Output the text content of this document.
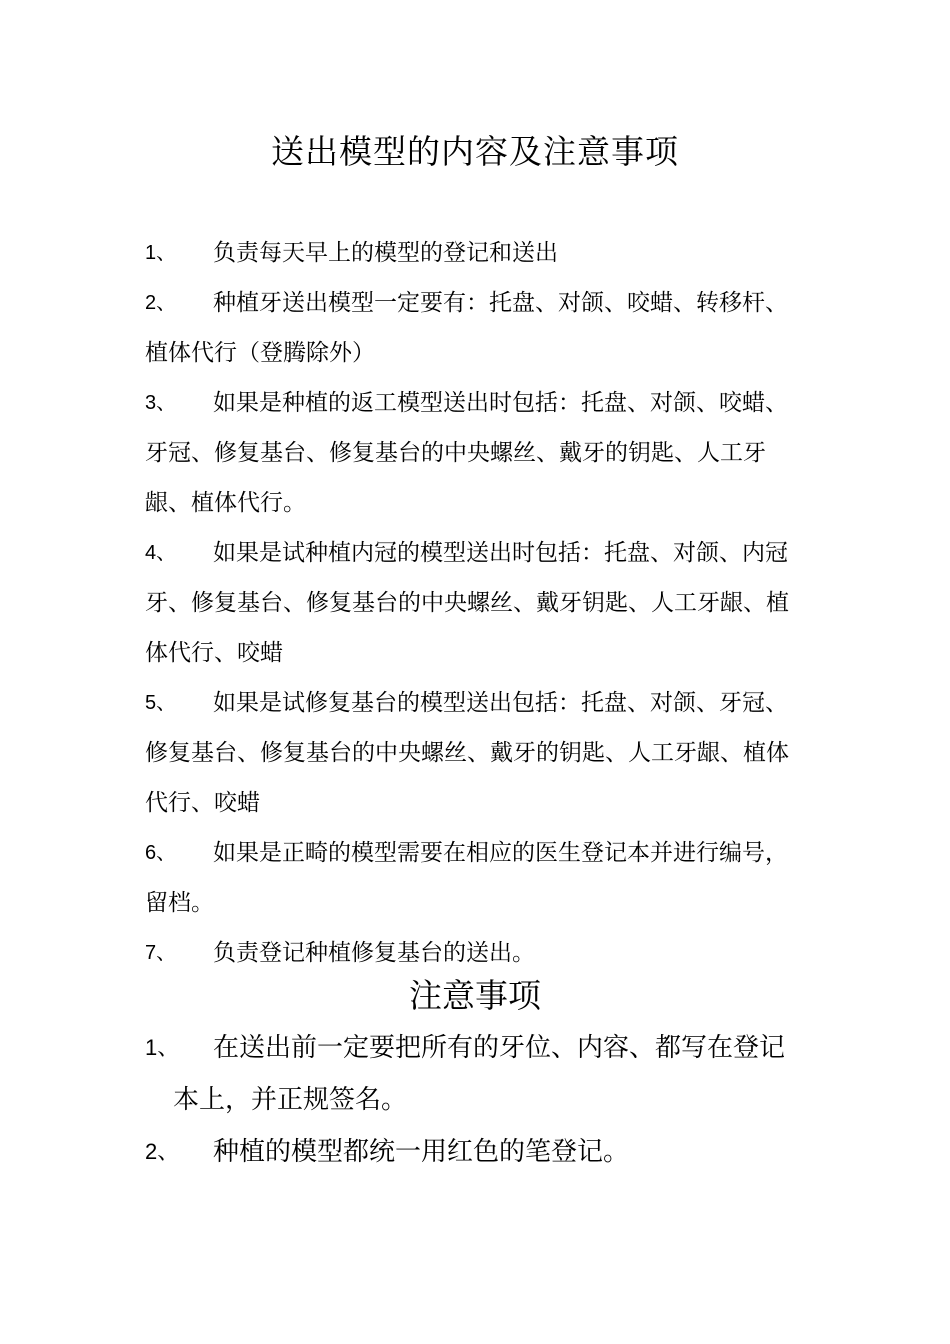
送出模型的内容及注意事项
1、	负责每天早上的模型的登记和送出
2、	种植牙送出模型一定要有：托盘、对颌、咬蜡、转移杆、植体代行（登腾除外）
3、	如果是种植的返工模型送出时包括：托盘、对颌、咬蜡、牙冠、修复基台、修复基台的中央螺丝、戴牙的钥匙、人工牙龈、植体代行。
4、	如果是试种植内冠的模型送出时包括：托盘、对颌、内冠牙、修复基台、修复基台的中央螺丝、戴牙钥匙、人工牙龈、植体代行、咬蜡
5、	如果是试修复基台的模型送出包括：托盘、对颌、牙冠、修复基台、修复基台的中央螺丝、戴牙的钥匙、人工牙龈、植体代行、咬蜡
6、	如果是正畸的模型需要在相应的医生登记本并进行编号，留档。
7、	负责登记种植修复基台的送出。
注意事项
1、	在送出前一定要把所有的牙位、内容、都写在登记本上，并正规签名。
2、	种植的模型都统一用红色的笔登记。
